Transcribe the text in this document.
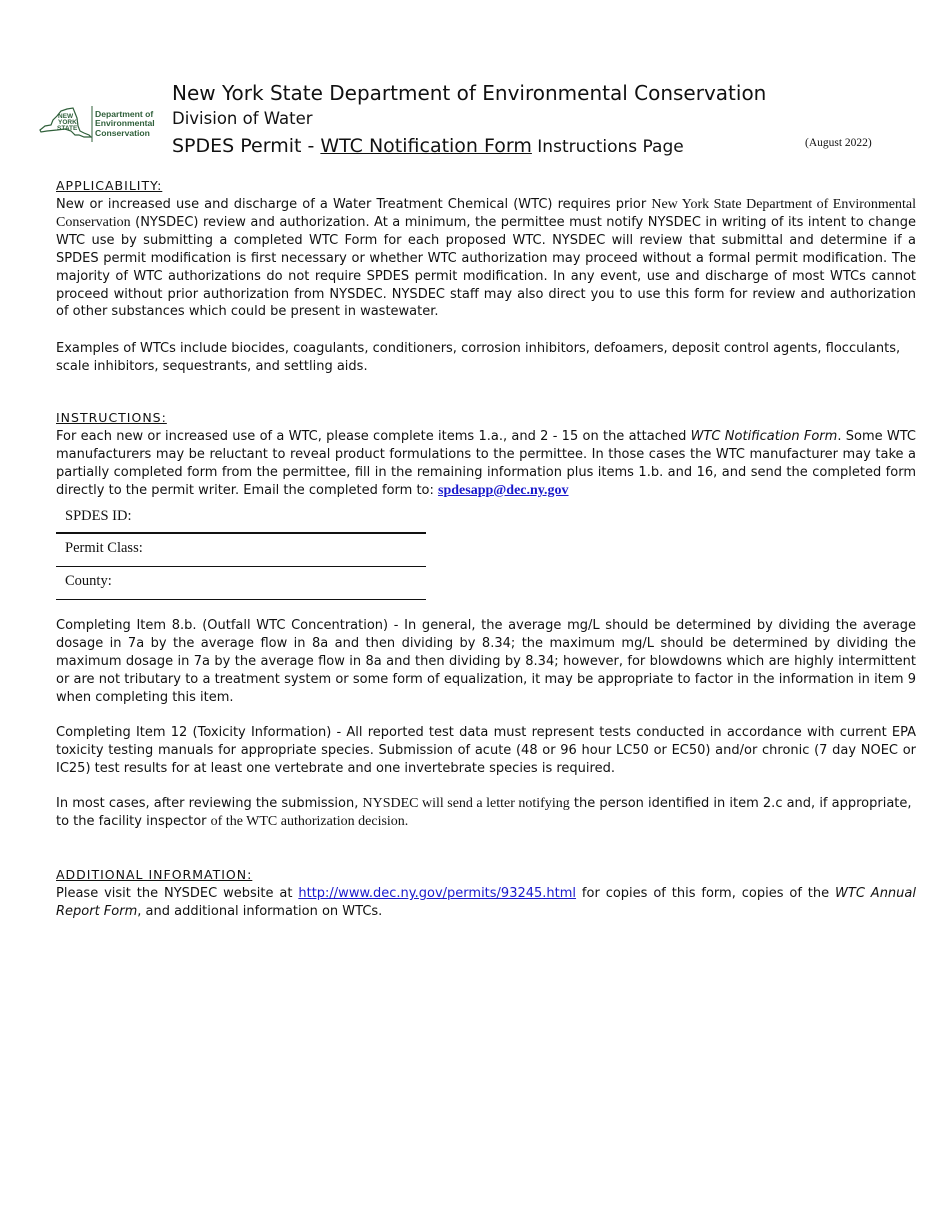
NEW
YORK
STATE
Department of
Environmental
Conservation
New York State Department of Environmental Conservation
Division of Water
SPDES Permit - WTC Notification Form Instructions Page	(August 2022)
APPLICABILITY:

New or increased use and discharge of a Water Treatment Chemical (WTC) requires prior New York State Department of Environmental Conservation (NYSDEC) review and authorization. At a minimum, the permittee must notify NYSDEC in writing of its intent to change WTC use by submitting a completed WTC Form for each proposed WTC. NYSDEC will review that submittal and determine if a SPDES permit modification is first necessary or whether WTC authorization may proceed without a formal permit modification. The majority of WTC authorizations do not require SPDES permit modification. In any event, use and discharge of most WTCs cannot proceed without prior authorization from NYSDEC. NYSDEC staff may also direct you to use this form for review and authorization of other substances which could be present in wastewater.

Examples of WTCs include biocides, coagulants, conditioners, corrosion inhibitors, defoamers, deposit control agents, flocculants, scale inhibitors, sequestrants, and settling aids.

INSTRUCTIONS:

For each new or increased use of a WTC, please complete items 1.a., and 2 - 15 on the attached WTC Notification Form. Some WTC manufacturers may be reluctant to reveal product formulations to the permittee. In those cases the WTC manufacturer may take a partially completed form from the permittee, fill in the remaining information plus items 1.b. and 16, and send the completed form directly to the permit writer. Email the completed form to: spdesapp@dec.ny.gov

SPDES ID:
Permit Class:
County:

Completing Item 8.b. (Outfall WTC Concentration) - In general, the average mg/L should be determined by dividing the average dosage in 7a by the average flow in 8a and then dividing by 8.34; the maximum mg/L should be determined by dividing the maximum dosage in 7a by the average flow in 8a and then dividing by 8.34; however, for blowdowns which are highly intermittent or are not tributary to a treatment system or some form of equalization, it may be appropriate to factor in the information in item 9 when completing this item.

Completing Item 12 (Toxicity Information) - All reported test data must represent tests conducted in accordance with current EPA toxicity testing manuals for appropriate species. Submission of acute (48 or 96 hour LC50 or EC50) and/or chronic (7 day NOEC or IC25) test results for at least one vertebrate and one invertebrate species is required.

In most cases, after reviewing the submission, NYSDEC will send a letter notifying the person identified in item 2.c and, if appropriate, to the facility inspector of the WTC authorization decision.

ADDITIONAL INFORMATION:

Please visit the NYSDEC website at http://www.dec.ny.gov/permits/93245.html for copies of this form, copies of the WTC Annual Report Form, and additional information on WTCs.
